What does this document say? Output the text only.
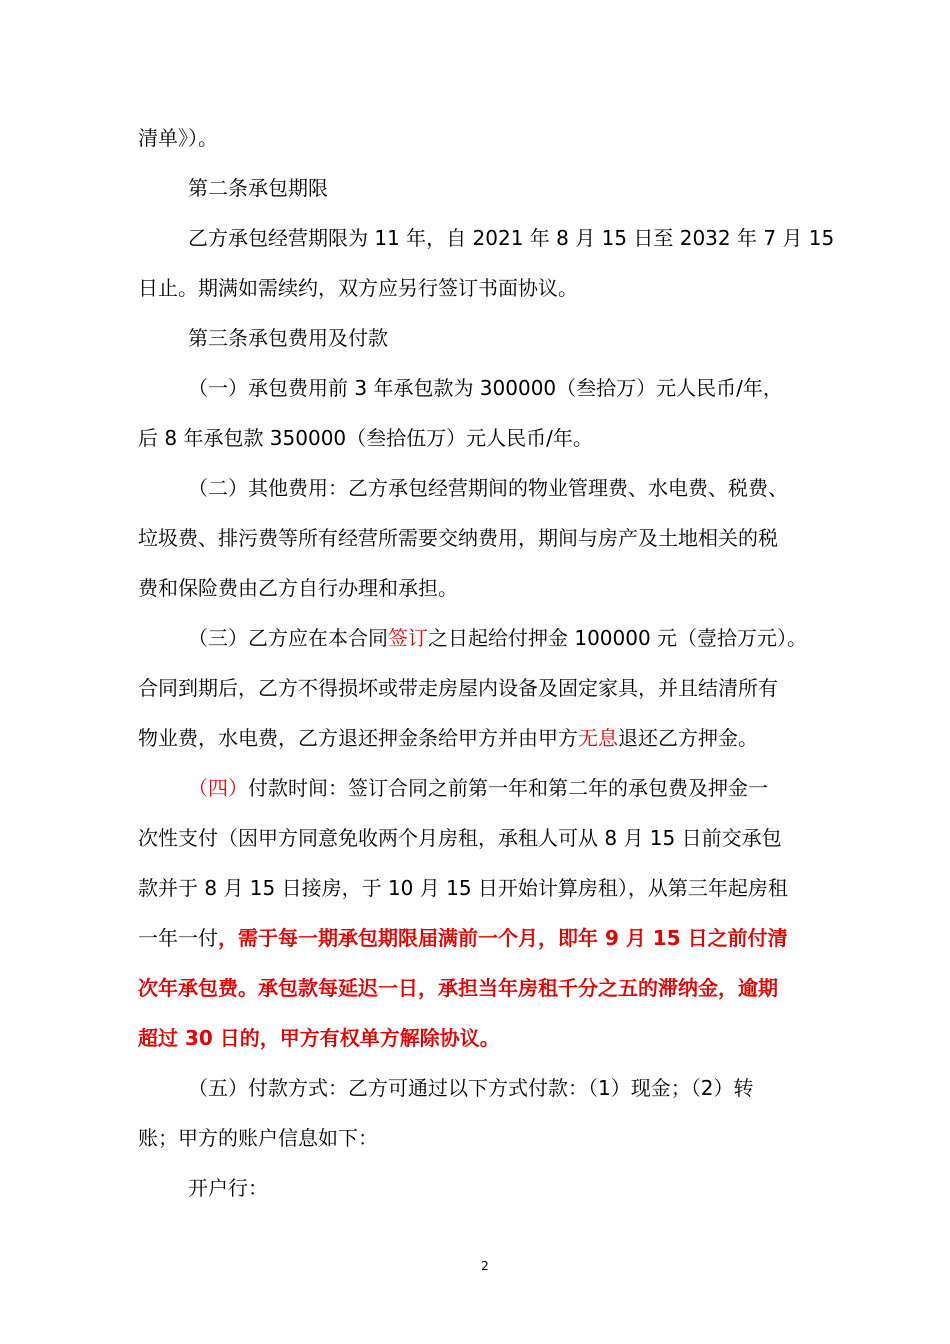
清单》）。
第二条承包期限
乙方承包经营期限为 11 年，自 2021 年 8 月 15 日至 2032 年 7 月 15
日止。期满如需续约，双方应另行签订书面协议。
第三条承包费用及付款
（一）承包费用前 3 年承包款为 300000（叁拾万）元人民币/年，
后 8 年承包款 350000（叁拾伍万）元人民币/年。
（二）其他费用：乙方承包经营期间的物业管理费、水电费、税费、
垃圾费、排污费等所有经营所需要交纳费用，期间与房产及土地相关的税
费和保险费由乙方自行办理和承担。
（三）乙方应在本合同签订之日起给付押金 100000 元（壹拾万元）。
合同到期后，乙方不得损坏或带走房屋内设备及固定家具，并且结清所有
物业费，水电费，乙方退还押金条给甲方并由甲方无息退还乙方押金。
（四）付款时间：签订合同之前第一年和第二年的承包费及押金一
次性支付（因甲方同意免收两个月房租，承租人可从 8 月 15 日前交承包
款并于 8 月 15 日接房，于 10 月 15 日开始计算房租），从第三年起房租
一年一付，需于每一期承包期限届满前一个月，即年 9 月 15 日之前付清
次年承包费。承包款每延迟一日，承担当年房租千分之五的滞纳金，逾期
超过 30 日的，甲方有权单方解除协议。
（五）付款方式：乙方可通过以下方式付款：（1）现金；（2）转
账；甲方的账户信息如下：
开户行：
2
